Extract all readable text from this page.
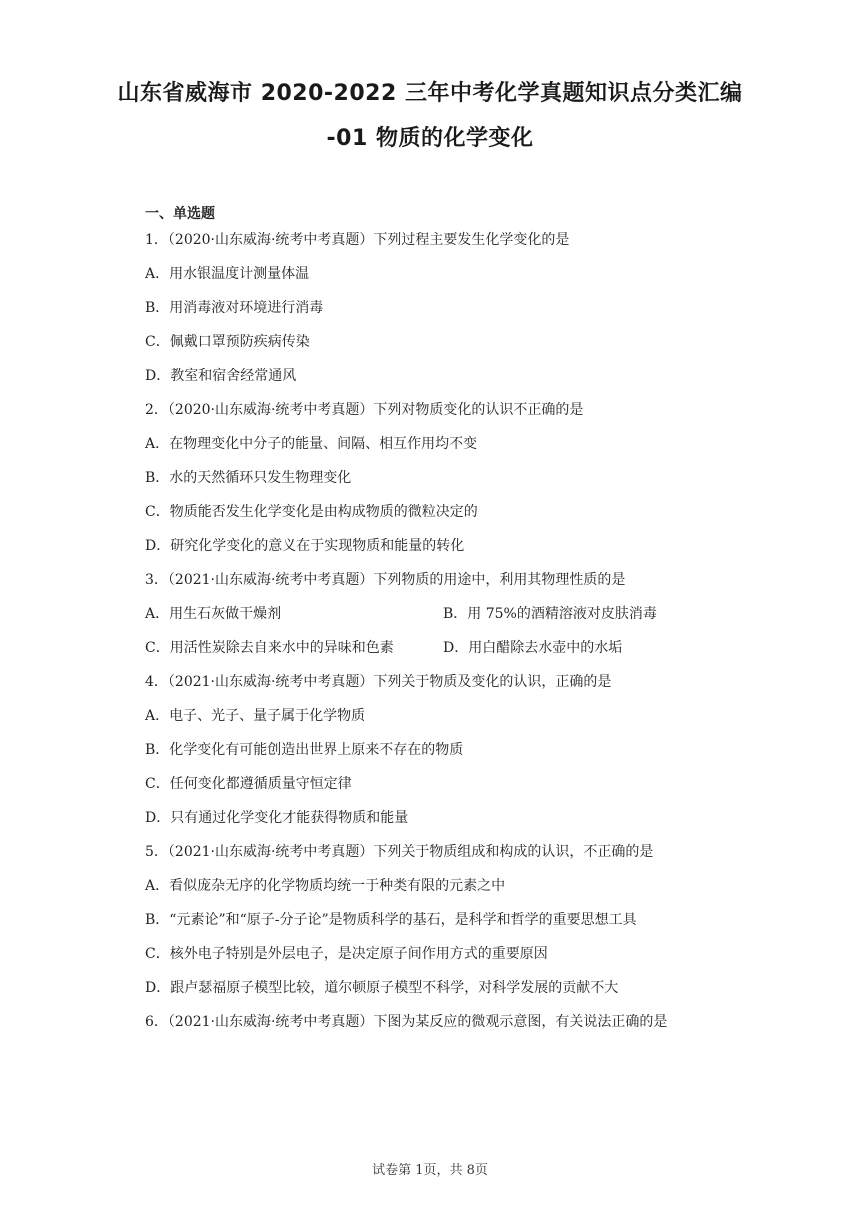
山东省威海市 2020-2022 三年中考化学真题知识点分类汇编
-01 物质的化学变化
一、单选题
1．（2020·山东威海·统考中考真题）下列过程主要发生化学变化的是
A．用水银温度计测量体温
B．用消毒液对环境进行消毒
C．佩戴口罩预防疾病传染
D．教室和宿舍经常通风
2．（2020·山东威海·统考中考真题）下列对物质变化的认识不正确的是
A．在物理变化中分子的能量、间隔、相互作用均不变
B．水的天然循环只发生物理变化
C．物质能否发生化学变化是由构成物质的微粒决定的
D．研究化学变化的意义在于实现物质和能量的转化
3．（2021·山东威海·统考中考真题）下列物质的用途中，利用其物理性质的是
A．用生石灰做干燥剂	B．用 75%的酒精溶液对皮肤消毒
C．用活性炭除去自来水中的异味和色素	D．用白醋除去水壶中的水垢
4．（2021·山东威海·统考中考真题）下列关于物质及变化的认识，正确的是
A．电子、光子、量子属于化学物质
B．化学变化有可能创造出世界上原来不存在的物质
C．任何变化都遵循质量守恒定律
D．只有通过化学变化才能获得物质和能量
5．（2021·山东威海·统考中考真题）下列关于物质组成和构成的认识，不正确的是
A．看似庞杂无序的化学物质均统一于种类有限的元素之中
B．“元素论”和“原子-分子论”是物质科学的基石，是科学和哲学的重要思想工具
C．核外电子特别是外层电子，是决定原子间作用方式的重要原因
D．跟卢瑟福原子模型比较，道尔顿原子模型不科学，对科学发展的贡献不大
6．（2021·山东威海·统考中考真题）下图为某反应的微观示意图，有关说法正确的是
试卷第 1页，共 8页
